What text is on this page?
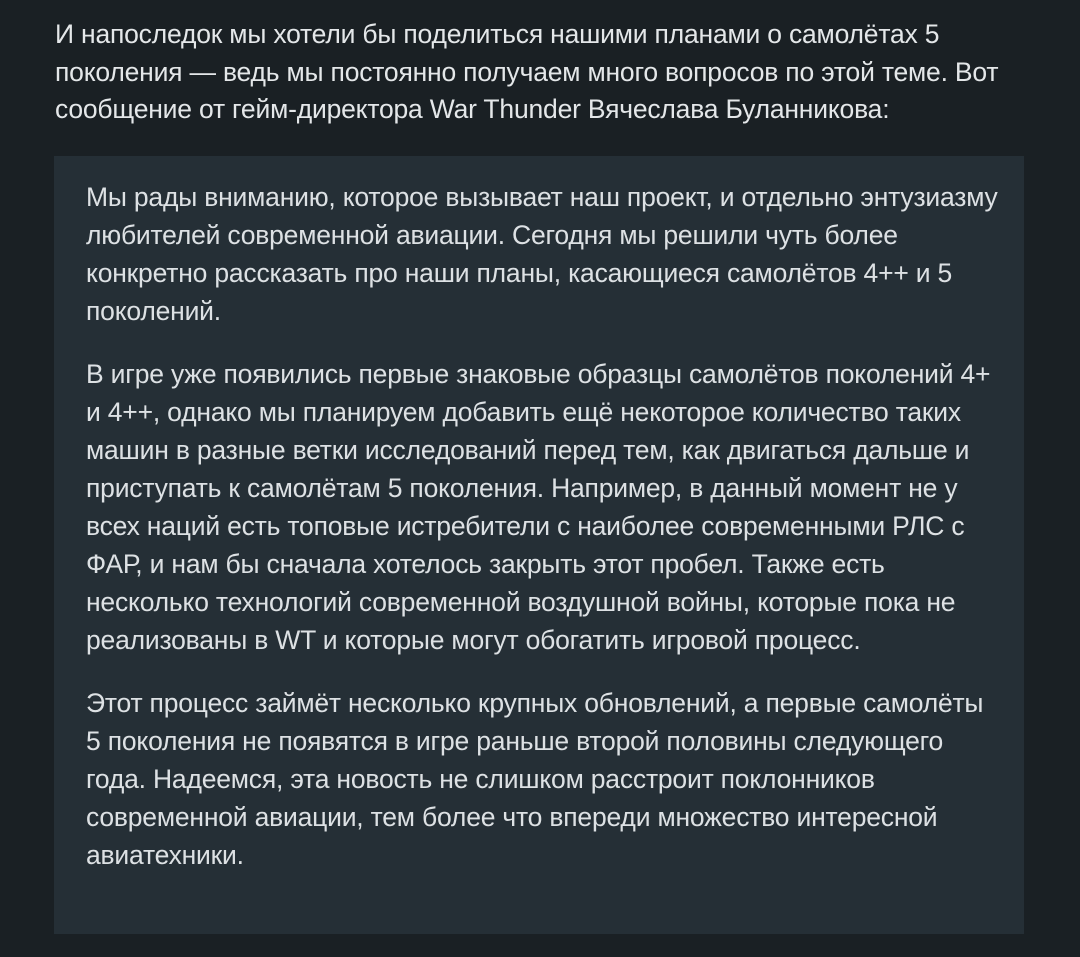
И напоследок мы хотели бы поделиться нашими планами о самолётах 5 поколения — ведь мы постоянно получаем много вопросов по этой теме. Вот сообщение от гейм-директора War Thunder Вячеслава Буланникова:

Мы рады вниманию, которое вызывает наш проект, и отдельно энтузиазму любителей современной авиации. Сегодня мы решили чуть более конкретно рассказать про наши планы, касающиеся самолётов 4++ и 5 поколений.

В игре уже появились первые знаковые образцы самолётов поколений 4+ и 4++, однако мы планируем добавить ещё некоторое количество таких машин в разные ветки исследований перед тем, как двигаться дальше и приступать к самолётам 5 поколения. Например, в данный момент не у всех наций есть топовые истребители с наиболее современными РЛС с ФАР, и нам бы сначала хотелось закрыть этот пробел. Также есть несколько технологий современной воздушной войны, которые пока не реализованы в WT и которые могут обогатить игровой процесс.

Этот процесс займёт несколько крупных обновлений, а первые самолёты 5 поколения не появятся в игре раньше второй половины следующего года. Надеемся, эта новость не слишком расстроит поклонников современной авиации, тем более что впереди множество интересной авиатехники.
